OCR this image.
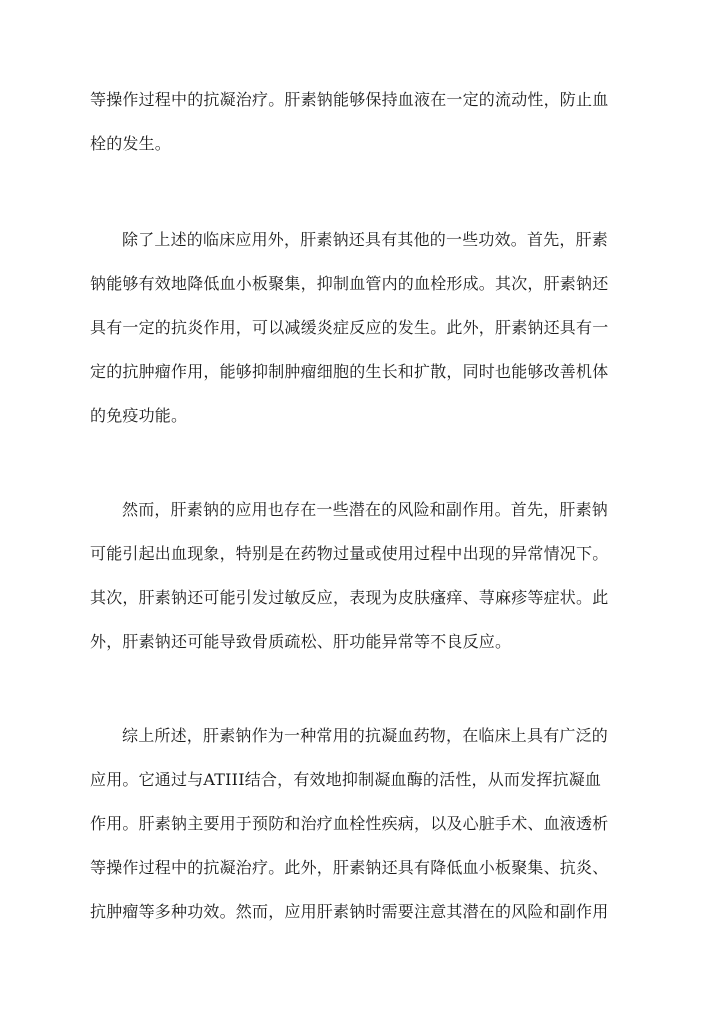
等操作过程中的抗凝治疗。肝素钠能够保持血液在一定的流动性，防止血
栓的发生。
除了上述的临床应用外，肝素钠还具有其他的一些功效。首先，肝素
钠能够有效地降低血小板聚集，抑制血管内的血栓形成。其次，肝素钠还
具有一定的抗炎作用，可以减缓炎症反应的发生。此外，肝素钠还具有一
定的抗肿瘤作用，能够抑制肿瘤细胞的生长和扩散，同时也能够改善机体
的免疫功能。
然而，肝素钠的应用也存在一些潜在的风险和副作用。首先，肝素钠
可能引起出血现象，特别是在药物过量或使用过程中出现的异常情况下。
其次，肝素钠还可能引发过敏反应，表现为皮肤瘙痒、荨麻疹等症状。此
外，肝素钠还可能导致骨质疏松、肝功能异常等不良反应。
综上所述，肝素钠作为一种常用的抗凝血药物，在临床上具有广泛的
应用。它通过与ATIII结合，有效地抑制凝血酶的活性，从而发挥抗凝血
作用。肝素钠主要用于预防和治疗血栓性疾病，以及心脏手术、血液透析
等操作过程中的抗凝治疗。此外，肝素钠还具有降低血小板聚集、抗炎、
抗肿瘤等多种功效。然而，应用肝素钠时需要注意其潜在的风险和副作用
